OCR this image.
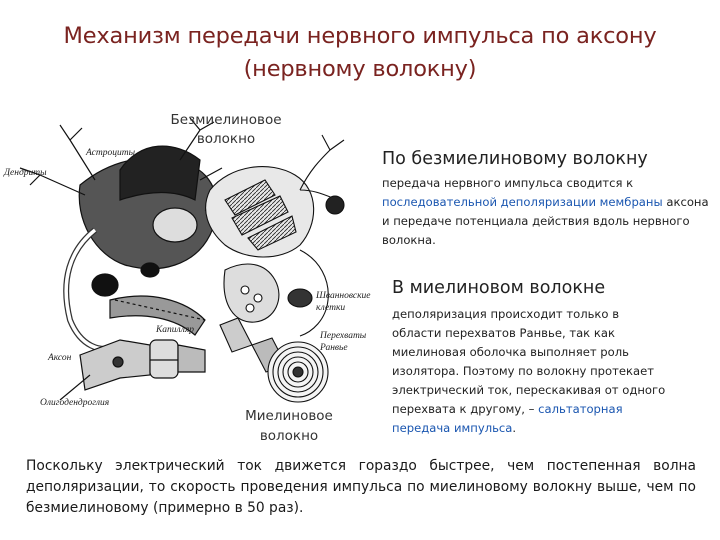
Механизм передачи нервного импульса по аксону (нервному волокну)
Астроциты
Дендриты
Капилляр
Аксон
Олигодендроглия
Шванновские клетки
Перехваты Ранвье
Безмиелиновое волокно
Миелиновое волокно
По безмиелиновому волокну
передача нервного импульса сводится к последовательной деполяризации мембраны аксона и передаче потенциала действия вдоль нервного волокна.
В миелиновом волокне
деполяризация происходит только в области перехватов Ранвье, так как миелиновая оболочка выполняет роль изолятора. Поэтому по волокну протекает электрический ток, перескакивая от одного перехвата к другому, – сальтаторная передача импульса.
Поскольку электрический ток движется гораздо быстрее, чем постепенная волна деполяризации, то скорость проведения импульса по миелиновому волокну выше, чем по безмиелиновому (примерно в 50 раз).
